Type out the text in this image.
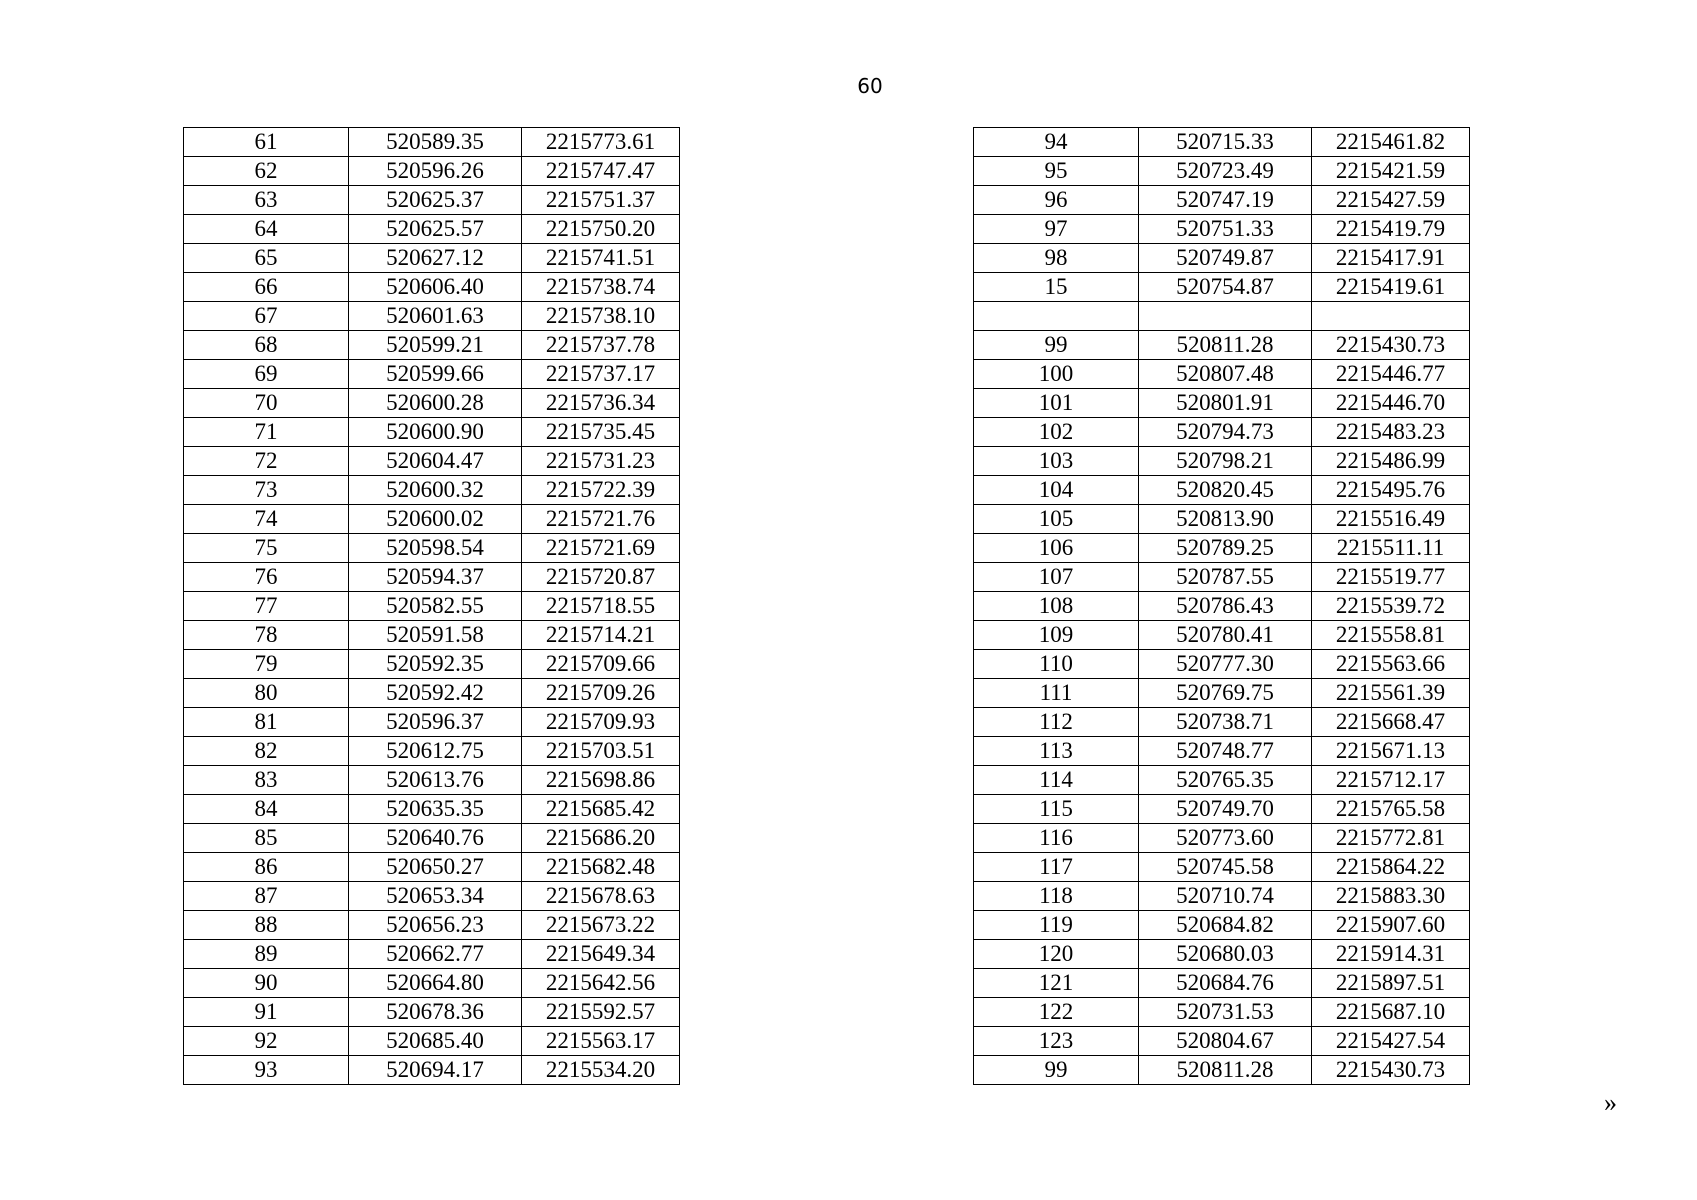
60
61	520589.35	2215773.61
62	520596.26	2215747.47
63	520625.37	2215751.37
64	520625.57	2215750.20
65	520627.12	2215741.51
66	520606.40	2215738.74
67	520601.63	2215738.10
68	520599.21	2215737.78
69	520599.66	2215737.17
70	520600.28	2215736.34
71	520600.90	2215735.45
72	520604.47	2215731.23
73	520600.32	2215722.39
74	520600.02	2215721.76
75	520598.54	2215721.69
76	520594.37	2215720.87
77	520582.55	2215718.55
78	520591.58	2215714.21
79	520592.35	2215709.66
80	520592.42	2215709.26
81	520596.37	2215709.93
82	520612.75	2215703.51
83	520613.76	2215698.86
84	520635.35	2215685.42
85	520640.76	2215686.20
86	520650.27	2215682.48
87	520653.34	2215678.63
88	520656.23	2215673.22
89	520662.77	2215649.34
90	520664.80	2215642.56
91	520678.36	2215592.57
92	520685.40	2215563.17
93	520694.17	2215534.20
94	520715.33	2215461.82
95	520723.49	2215421.59
96	520747.19	2215427.59
97	520751.33	2215419.79
98	520749.87	2215417.91
15	520754.87	2215419.61

99	520811.28	2215430.73
100	520807.48	2215446.77
101	520801.91	2215446.70
102	520794.73	2215483.23
103	520798.21	2215486.99
104	520820.45	2215495.76
105	520813.90	2215516.49
106	520789.25	2215511.11
107	520787.55	2215519.77
108	520786.43	2215539.72
109	520780.41	2215558.81
110	520777.30	2215563.66
111	520769.75	2215561.39
112	520738.71	2215668.47
113	520748.77	2215671.13
114	520765.35	2215712.17
115	520749.70	2215765.58
116	520773.60	2215772.81
117	520745.58	2215864.22
118	520710.74	2215883.30
119	520684.82	2215907.60
120	520680.03	2215914.31
121	520684.76	2215897.51
122	520731.53	2215687.10
123	520804.67	2215427.54
99	520811.28	2215430.73
»
